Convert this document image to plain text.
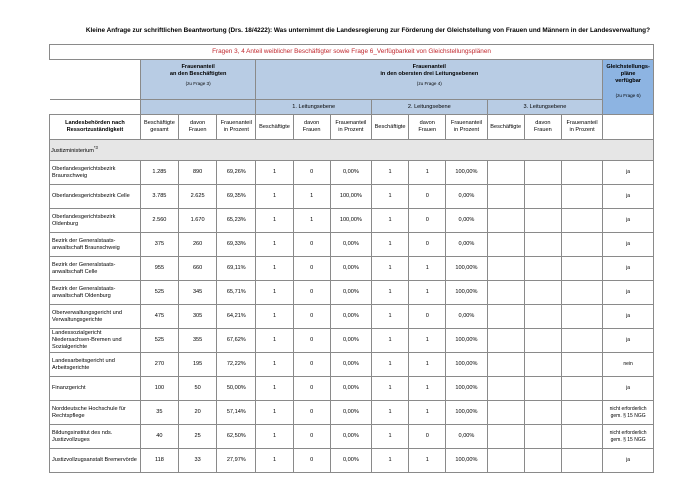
Kleine Anfrage zur schriftlichen Beantwortung (Drs. 18/4222): Was unternimmt die Landesregierung zur Förderung der Gleichstellung von Frauen und Männern in der Landesverwaltung?
Fragen 3, 4 Anteil weiblicher Beschäftigter sowie Frage 6_Verfügbarkeit von Gleichstellungsplänen													

	Frauenanteil
an den Beschäftigten
(zu Frage 3)			Frauenanteil
in den obersten drei Leitungsebenen
(zu Frage 4)									Gleichstellungs-
pläne
verfügbar
(zu Frage 6)

				1. Leitungsebene			2. Leitungsebene			3. Leitungsebene			

Landesbehörden nach
Ressortzuständigkeit	Beschäftigte
gesamt	davon
Frauen	Frauenanteil
in Prozent	Beschäftigte	davon
Frauen	Frauenanteil
in Prozent	Beschäftigte	davon
Frauen	Frauenanteil
in Prozent	Beschäftigte	davon
Frauen	Frauenanteil
in Prozent	

Justizministerium$^{*3}$
Oberlandesgerichtsbezirk Braunschweig	1.285	890	69,26%	1	0	0,00%	1	1	100,00%				ja
Oberlandesgerichtsbezirk Celle	3.785	2.625	69,35%	1	1	100,00%	1	0	0,00%				ja
Oberlandesgerichtsbezirk Oldenburg	2.560	1.670	65,23%	1	1	100,00%	1	0	0,00%				ja
Bezirk der Generalstaats-anwaltschaft Braunschweig	375	260	69,33%	1	0	0,00%	1	0	0,00%				ja
Bezirk der Generalstaats-anwaltschaft Celle	955	660	69,11%	1	0	0,00%	1	1	100,00%				ja
Bezirk der Generalstaats-anwaltschaft Oldenburg	525	345	65,71%	1	0	0,00%	1	1	100,00%				ja
Oberverwaltungsgericht und Verwaltungsgerichte	475	305	64,21%	1	0	0,00%	1	0	0,00%				ja
Landessozialgericht Niedersachsen-Bremen und Sozialgerichte	525	355	67,62%	1	0	0,00%	1	1	100,00%				ja
Landesarbeitsgericht und Arbeitsgerichte	270	195	72,22%	1	0	0,00%	1	1	100,00%				nein
Finanzgericht	100	50	50,00%	1	0	0,00%	1	1	100,00%				ja
Norddeutsche Hochschule für Rechtspflege	35	20	57,14%	1	0	0,00%	1	1	100,00%				nicht erforderlich gem. § 15 NGG
Bildungsinstitut des nds. Justizvollzuges	40	25	62,50%	1	0	0,00%	1	0	0,00%				nicht erforderlich gem. § 15 NGG
Justizvollzugsanstalt Bremervörde	118	33	27,97%	1	0	0,00%	1	1	100,00%				ja
